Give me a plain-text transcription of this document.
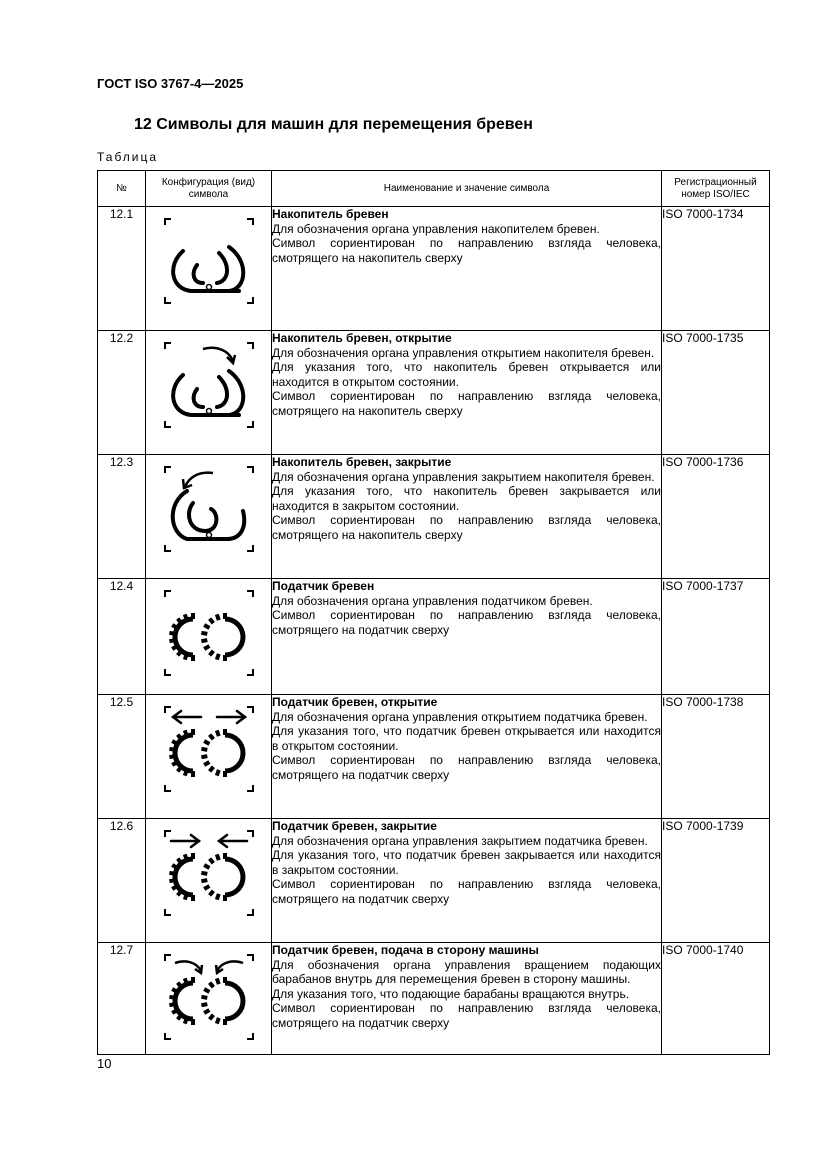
ГОСТ ISO 3767-4—2025
12 Символы для машин для перемещения бревен
Таблица
№	Конфигурация (вид) символа	Наименование и значение символа	Регистрационный номер ISO/IEC
12.1		Накопитель бревен
Для обозначения органа управления накопителем бревен.
Символ сориентирован по направлению взгляда человека, смотрящего на накопитель сверху	ISO 7000-1734
12.2		Накопитель бревен, открытие
Для обозначения органа управления открытием накопителя бревен.
Для указания того, что накопитель бревен открывается или находится в открытом состоянии.
Символ сориентирован по направлению взгляда человека, смотрящего на накопитель сверху	ISO 7000-1735
12.3		Накопитель бревен, закрытие
Для обозначения органа управления закрытием накопителя бревен.
Для указания того, что накопитель бревен закрывается или находится в закрытом состоянии.
Символ сориентирован по направлению взгляда человека, смотрящего на накопитель сверху	ISO 7000-1736
12.4		Податчик бревен
Для обозначения органа управления податчиком бревен.
Символ сориентирован по направлению взгляда человека, смотрящего на податчик сверху	ISO 7000-1737
12.5		Податчик бревен, открытие
Для обозначения органа управления открытием податчика бревен.
Для указания того, что податчик бревен открывается или находится в открытом состоянии.
Символ сориентирован по направлению взгляда человека, смотрящего на податчик сверху	ISO 7000-1738
12.6		Податчик бревен, закрытие
Для обозначения органа управления закрытием податчика бревен.
Для указания того, что податчик бревен закрывается или находится в закрытом состоянии.
Символ сориентирован по направлению взгляда человека, смотрящего на податчик сверху	ISO 7000-1739
12.7		Податчик бревен, подача в сторону машины
Для обозначения органа управления вращением подающих барабанов внутрь для перемещения бревен в сторону машины.
Для указания того, что подающие барабаны вращаются внутрь.
Символ сориентирован по направлению взгляда человека, смотрящего на податчик сверху	ISO 7000-1740
10
